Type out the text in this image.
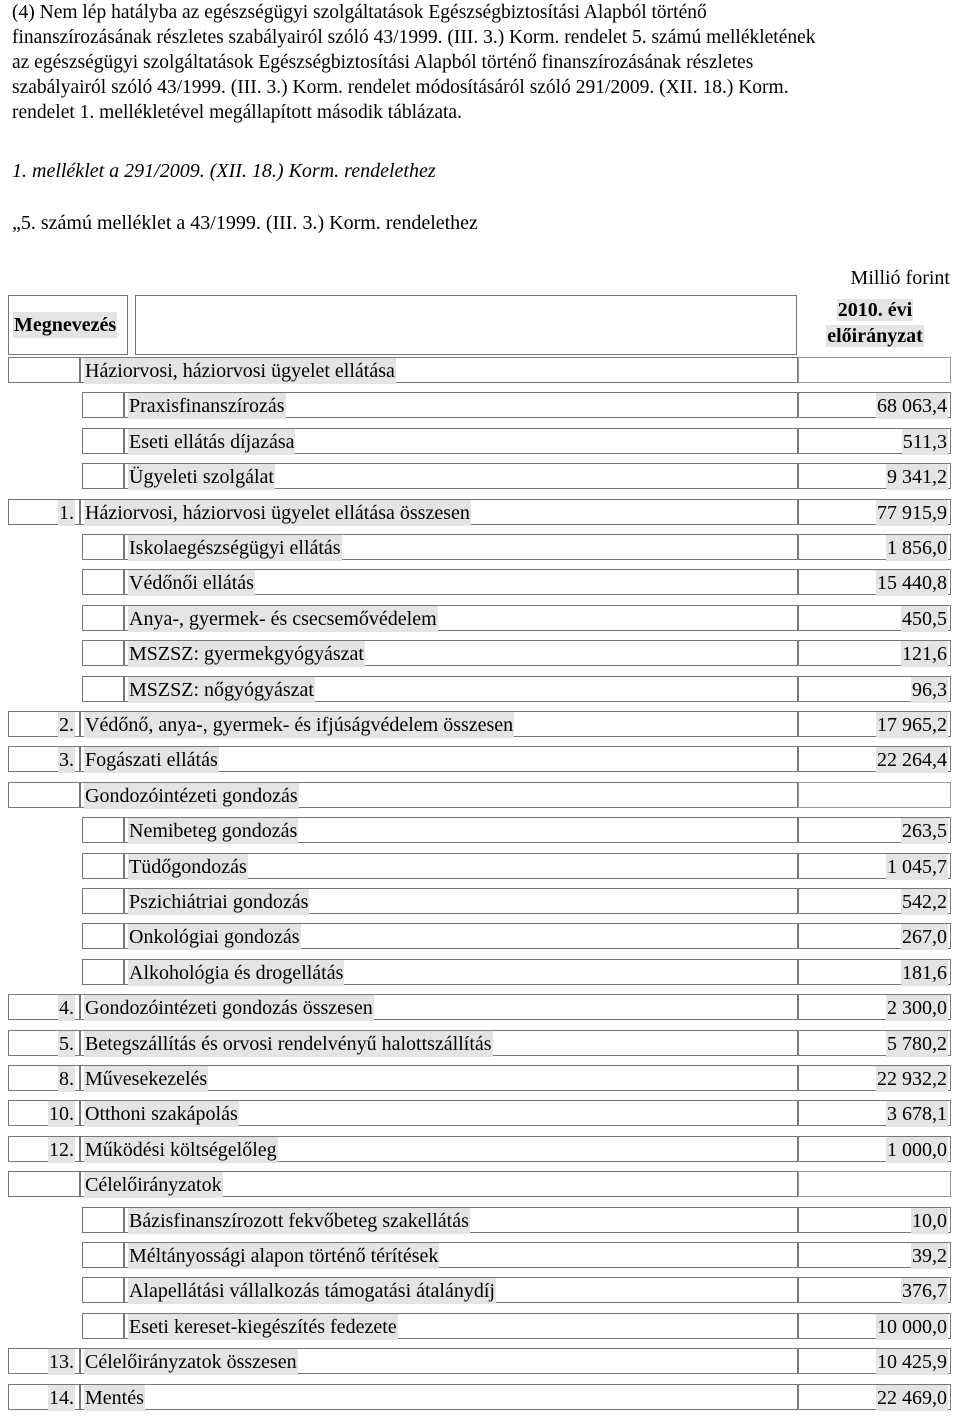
(4) Nem lép hatályba az egészségügyi szolgáltatások Egészségbiztosítási Alapból történő
finanszírozásának részletes szabályairól szóló 43/1999. (III. 3.) Korm. rendelet 5. számú mellékletének
az egészségügyi szolgáltatások Egészségbiztosítási Alapból történő finanszírozásának részletes
szabályairól szóló 43/1999. (III. 3.) Korm. rendelet módosításáról szóló 291/2009. (XII. 18.) Korm.
rendelet 1. mellékletével megállapított második táblázata.
1. melléklet a 291/2009. (XII. 18.) Korm. rendelethez
„5. számú melléklet a 43/1999. (III. 3.) Korm. rendelethez
Millió forint
Megnevezés
2010. évi
előirányzat
Háziorvosi, háziorvosi ügyelet ellátása
Praxisfinanszírozás	68 063,4
Eseti ellátás díjazása	511,3
Ügyeleti szolgálat	9 341,2
1. Háziorvosi, háziorvosi ügyelet ellátása összesen	77 915,9
Iskolaegészségügyi ellátás	1 856,0
Védőnői ellátás	15 440,8
Anya-, gyermek- és csecsemővédelem	450,5
MSZSZ: gyermekgyógyászat	121,6
MSZSZ: nőgyógyászat	96,3
2. Védőnő, anya-, gyermek- és ifjúságvédelem összesen	17 965,2
3. Fogászati ellátás	22 264,4
Gondozóintézeti gondozás
Nemibeteg gondozás	263,5
Tüdőgondozás	1 045,7
Pszichiátriai gondozás	542,2
Onkológiai gondozás	267,0
Alkohológia és drogellátás	181,6
4. Gondozóintézeti gondozás összesen	2 300,0
5. Betegszállítás és orvosi rendelvényű halottszállítás	5 780,2
8. Művesekezelés	22 932,2
10. Otthoni szakápolás	3 678,1
12. Működési költségelőleg	1 000,0
Célelőirányzatok
Bázisfinanszírozott fekvőbeteg szakellátás	10,0
Méltányossági alapon történő térítések	39,2
Alapellátási vállalkozás támogatási átalánydíj	376,7
Eseti kereset-kiegészítés fedezete	10 000,0
13. Célelőirányzatok összesen	10 425,9
14. Mentés	22 469,0
